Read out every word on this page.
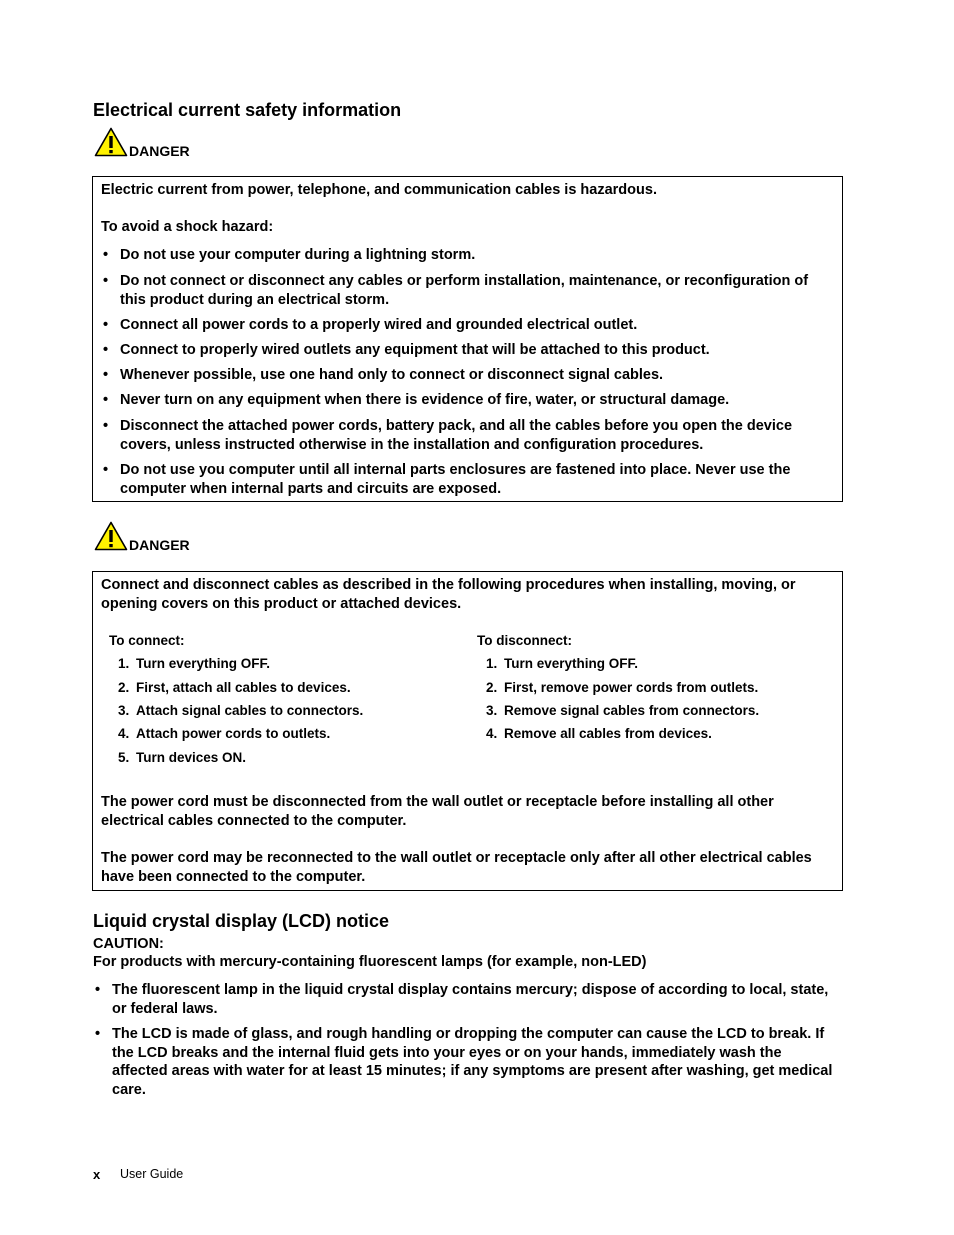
Electrical current safety information
DANGER
Electric current from power, telephone, and communication cables is hazardous.
To avoid a shock hazard:
• Do not use your computer during a lightning storm.
• Do not connect or disconnect any cables or perform installation, maintenance, or reconfiguration of this product during an electrical storm.
• Connect all power cords to a properly wired and grounded electrical outlet.
• Connect to properly wired outlets any equipment that will be attached to this product.
• Whenever possible, use one hand only to connect or disconnect signal cables.
• Never turn on any equipment when there is evidence of fire, water, or structural damage.
• Disconnect the attached power cords, battery pack, and all the cables before you open the device covers, unless instructed otherwise in the installation and configuration procedures.
• Do not use you computer until all internal parts enclosures are fastened into place. Never use the computer when internal parts and circuits are exposed.
DANGER
Connect and disconnect cables as described in the following procedures when installing, moving, or opening covers on this product or attached devices.
To connect:
1. Turn everything OFF.
2. First, attach all cables to devices.
3. Attach signal cables to connectors.
4. Attach power cords to outlets.
5. Turn devices ON.
To disconnect:
1. Turn everything OFF.
2. First, remove power cords from outlets.
3. Remove signal cables from connectors.
4. Remove all cables from devices.
The power cord must be disconnected from the wall outlet or receptacle before installing all other electrical cables connected to the computer.
The power cord may be reconnected to the wall outlet or receptacle only after all other electrical cables have been connected to the computer.
Liquid crystal display (LCD) notice
CAUTION:
For products with mercury-containing fluorescent lamps (for example, non-LED)
• The fluorescent lamp in the liquid crystal display contains mercury; dispose of according to local, state, or federal laws.
• The LCD is made of glass, and rough handling or dropping the computer can cause the LCD to break. If the LCD breaks and the internal fluid gets into your eyes or on your hands, immediately wash the affected areas with water for at least 15 minutes; if any symptoms are present after washing, get medical care.
x User Guide
